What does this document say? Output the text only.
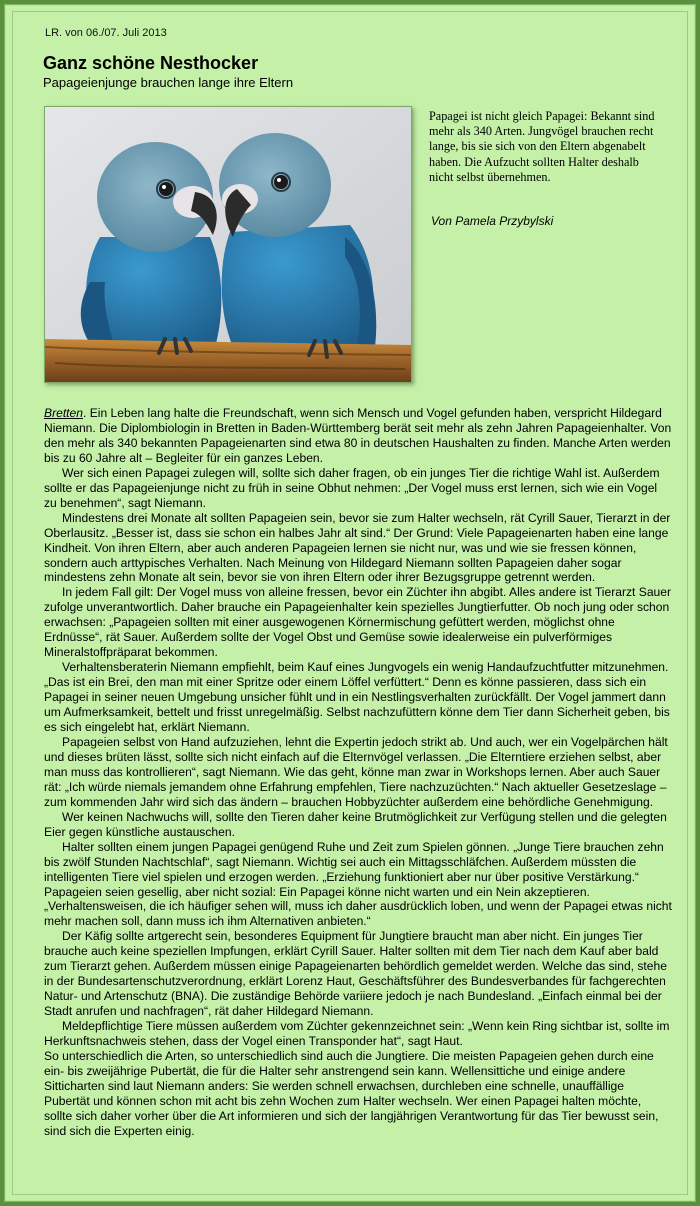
LR. von 06./07. Juli 2013
Ganz schöne Nesthocker
Papageienjunge brauchen lange ihre Eltern
Papagei ist nicht gleich Papagei: Bekannt sind mehr als 340 Arten. Jungvögel brauchen recht lange, bis sie sich von den Eltern abgenabelt haben. Die Aufzucht sollten Halter deshalb nicht selbst übernehmen.
Von Pamela Przybylski

Bretten. Ein Leben lang halte die Freundschaft, wenn sich Mensch und Vogel gefunden haben, verspricht Hildegard Niemann. Die Diplombiologin in Bretten in Baden-Württemberg berät seit mehr als zehn Jahren Papageienhalter. Von den mehr als 340 bekannten Papageienarten sind etwa 80 in deutschen Haushalten zu finden. Manche Arten werden bis zu 60 Jahre alt – Begleiter für ein ganzes Leben.

Wer sich einen Papagei zulegen will, sollte sich daher fragen, ob ein junges Tier die richtige Wahl ist. Außerdem sollte er das Papageienjunge nicht zu früh in seine Obhut nehmen: „Der Vogel muss erst lernen, sich wie ein Vogel zu benehmen“, sagt Niemann.

Mindestens drei Monate alt sollten Papageien sein, bevor sie zum Halter wechseln, rät Cyrill Sauer, Tierarzt in der Oberlausitz. „Besser ist, dass sie schon ein halbes Jahr alt sind.“ Der Grund: Viele Papageienarten haben eine lange Kindheit. Von ihren Eltern, aber auch anderen Papageien lernen sie nicht nur, was und wie sie fressen können, sondern auch arttypisches Verhalten. Nach Meinung von Hildegard Niemann sollten Papageien daher sogar mindestens zehn Monate alt sein, bevor sie von ihren Eltern oder ihrer Bezugsgruppe getrennt werden.

In jedem Fall gilt: Der Vogel muss von alleine fressen, bevor ein Züchter ihn abgibt. Alles andere ist Tierarzt Sauer zufolge unverantwortlich. Daher brauche ein Papageienhalter kein spezielles Jungtierfutter. Ob noch jung oder schon erwachsen: „Papageien sollten mit einer ausgewogenen Körnermischung gefüttert werden, möglichst ohne Erdnüsse“, rät Sauer. Außerdem sollte der Vogel Obst und Gemüse sowie idealerweise ein pulverförmiges Mineralstoffpräparat bekommen.

Verhaltensberaterin Niemann empfiehlt, beim Kauf eines Jungvogels ein wenig Handaufzuchtfutter mitzunehmen. „Das ist ein Brei, den man mit einer Spritze oder einem Löffel verfüttert.“ Denn es könne passieren, dass sich ein Papagei in seiner neuen Umgebung unsicher fühlt und in ein Nestlingsverhalten zurückfällt. Der Vogel jammert dann um Aufmerksamkeit, bettelt und frisst unregelmäßig. Selbst nachzufüttern könne dem Tier dann Sicherheit geben, bis es sich eingelebt hat, erklärt Niemann.

Papageien selbst von Hand aufzuziehen, lehnt die Expertin jedoch strikt ab. Und auch, wer ein Vogelpärchen hält und dieses brüten lässt, sollte sich nicht einfach auf die Elternvögel verlassen. „Die Elterntiere erziehen selbst, aber man muss das kontrollieren“, sagt Niemann. Wie das geht, könne man zwar in Workshops lernen. Aber auch Sauer rät: „Ich würde niemals jemandem ohne Erfahrung empfehlen, Tiere nachzuzüchten.“ Nach aktueller Gesetzeslage – zum kommenden Jahr wird sich das ändern – brauchen Hobbyzüchter außerdem eine behördliche Genehmigung.

Wer keinen Nachwuchs will, sollte den Tieren daher keine Brutmöglichkeit zur Verfügung stellen und die gelegten Eier gegen künstliche austauschen.

Halter sollten einem jungen Papagei genügend Ruhe und Zeit zum Spielen gönnen. „Junge Tiere brauchen zehn bis zwölf Stunden Nachtschlaf“, sagt Niemann. Wichtig sei auch ein Mittagsschläfchen. Außerdem müssten die intelligenten Tiere viel spielen und erzogen werden. „Erziehung funktioniert aber nur über positive Verstärkung.“ Papageien seien gesellig, aber nicht sozial: Ein Papagei könne nicht warten und ein Nein akzeptieren. „Verhaltensweisen, die ich häufiger sehen will, muss ich daher ausdrücklich loben, und wenn der Papagei etwas nicht mehr machen soll, dann muss ich ihm Alternativen anbieten.“

Der Käfig sollte artgerecht sein, besonderes Equipment für Jungtiere braucht man aber nicht. Ein junges Tier brauche auch keine speziellen Impfungen, erklärt Cyrill Sauer. Halter sollten mit dem Tier nach dem Kauf aber bald zum Tierarzt gehen. Außerdem müssen einige Papageienarten behördlich gemeldet werden. Welche das sind, stehe in der Bundesartenschutzverordnung, erklärt Lorenz Haut, Geschäftsführer des Bundesverbandes für fachgerechten Natur- und Artenschutz (BNA). Die zuständige Behörde variiere jedoch je nach Bundesland. „Einfach einmal bei der Stadt anrufen und nachfragen“, rät daher Hildegard Niemann.

Meldepflichtige Tiere müssen außerdem vom Züchter gekennzeichnet sein: „Wenn kein Ring sichtbar ist, sollte im Herkunftsnachweis stehen, dass der Vogel einen Transponder hat“, sagt Haut.

So unterschiedlich die Arten, so unterschiedlich sind auch die Jungtiere. Die meisten Papageien gehen durch eine ein- bis zweijährige Pubertät, die für die Halter sehr anstrengend sein kann. Wellensittiche und einige andere Sitticharten sind laut Niemann anders: Sie werden schnell erwachsen, durchleben eine schnelle, unauffällige Pubertät und können schon mit acht bis zehn Wochen zum Halter wechseln. Wer einen Papagei halten möchte, sollte sich daher vorher über die Art informieren und sich der langjährigen Verantwortung für das Tier bewusst sein, sind sich die Experten einig.
